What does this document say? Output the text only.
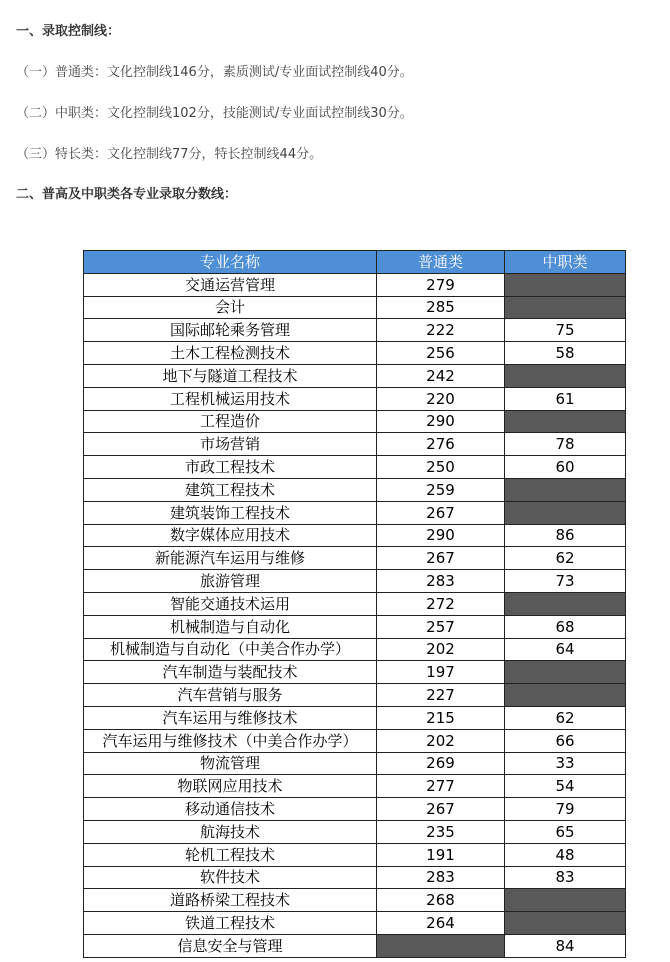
一、录取控制线：
（一）普通类：文化控制线146分，素质测试/专业面试控制线40分。
（二）中职类：文化控制线102分，技能测试/专业面试控制线30分。
（三）特长类：文化控制线77分，特长控制线44分。
二、普高及中职类各专业录取分数线：
专业名称	普通类	中职类
交通运营管理	279	
会计	285	
国际邮轮乘务管理	222	75
土木工程检测技术	256	58
地下与隧道工程技术	242	
工程机械运用技术	220	61
工程造价	290	
市场营销	276	78
市政工程技术	250	60
建筑工程技术	259	
建筑装饰工程技术	267	
数字媒体应用技术	290	86
新能源汽车运用与维修	267	62
旅游管理	283	73
智能交通技术运用	272	
机械制造与自动化	257	68
机械制造与自动化（中美合作办学）	202	64
汽车制造与装配技术	197	
汽车营销与服务	227	
汽车运用与维修技术	215	62
汽车运用与维修技术（中美合作办学）	202	66
物流管理	269	33
物联网应用技术	277	54
移动通信技术	267	79
航海技术	235	65
轮机工程技术	191	48
软件技术	283	83
道路桥梁工程技术	268	
铁道工程技术	264	
信息安全与管理		84
